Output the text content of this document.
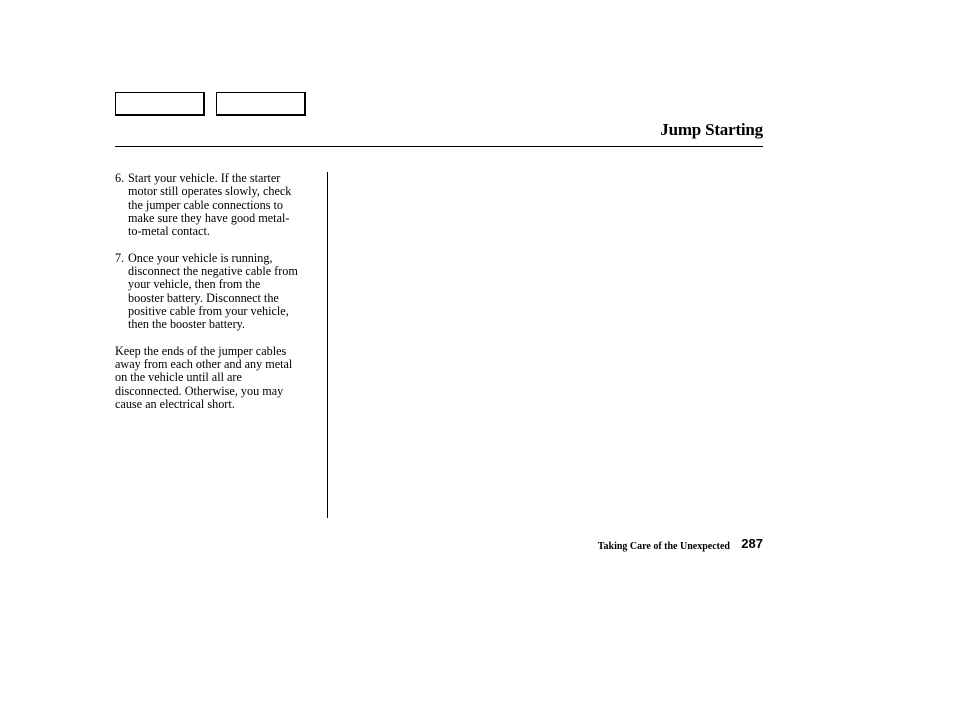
Jump Starting
6. Start your vehicle. If the starter
motor still operates slowly, check
the jumper cable connections to
make sure they have good metal-
to-metal contact.
7. Once your vehicle is running,
disconnect the negative cable from
your vehicle, then from the
booster battery. Disconnect the
positive cable from your vehicle,
then the booster battery.
Keep the ends of the jumper cables
away from each other and any metal
on the vehicle until all are
disconnected. Otherwise, you may
cause an electrical short.
Taking Care of the Unexpected 287
